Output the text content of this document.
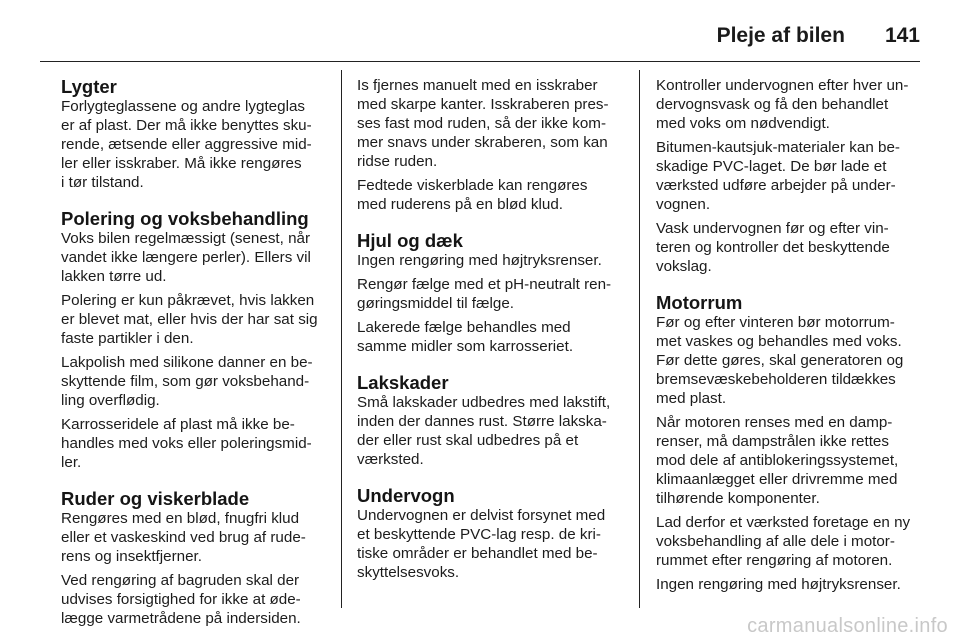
Pleje af bilen 141
Lygter

Forlygteglassene og andre lygteglas
er af plast. Der må ikke benyttes sku-
rende, ætsende eller aggressive mid-
ler eller isskraber. Må ikke rengøres
i tør tilstand.

Polering og voksbehandling

Voks bilen regelmæssigt (senest, når
vandet ikke længere perler). Ellers vil
lakken tørre ud.

Polering er kun påkrævet, hvis lakken
er blevet mat, eller hvis der har sat sig
faste partikler i den.

Lakpolish med silikone danner en be-
skyttende film, som gør voksbehand-
ling overflødig.

Karrosseridele af plast må ikke be-
handles med voks eller poleringsmid-
ler.

Ruder og viskerblade

Rengøres med en blød, fnugfri klud
eller et vaskeskind ved brug af rude-
rens og insektfjerner.

Ved rengøring af bagruden skal der
udvises forsigtighed for ikke at øde-
lægge varmetrådene på indersiden.

Is fjernes manuelt med en isskraber
med skarpe kanter. Isskraberen pres-
ses fast mod ruden, så der ikke kom-
mer snavs under skraberen, som kan
ridse ruden.

Fedtede viskerblade kan rengøres
med ruderens på en blød klud.

Hjul og dæk

Ingen rengøring med højtryksrenser.

Rengør fælge med et pH-neutralt ren-
gøringsmiddel til fælge.

Lakerede fælge behandles med
samme midler som karrosseriet.

Lakskader

Små lakskader udbedres med lakstift,
inden der dannes rust. Større lakskа-
der eller rust skal udbedres på et
værksted.

Undervogn

Undervognen er delvist forsynet med
et beskyttende PVC-lag resp. de kri-
tiske områder er behandlet med be-
skyttelsesvoks.

Kontroller undervognen efter hver un-
dervognsvask og få den behandlet
med voks om nødvendigt.

Bitumen-kautsjuk-materialer kan be-
skadige PVC-laget. De bør lade et
værksted udføre arbejder på under-
vognen.

Vask undervognen før og efter vin-
teren og kontroller det beskyttende
vokslag.

Motorrum

Før og efter vinteren bør motorrum-
met vaskes og behandles med voks.
Før dette gøres, skal generatoren og
bremsevæskebeholderen tildækkes
med plast.

Når motoren renses med en damp-
renser, må dampstrålen ikke rettes
mod dele af antiblokeringssystemet,
klimaanlægget eller drivremme med
tilhørende komponenter.

Lad derfor et værksted foretage en ny
voksbehandling af alle dele i motor-
rummet efter rengøring af motoren.

Ingen rengøring med højtryksrenser.

carmanualsonline.info
